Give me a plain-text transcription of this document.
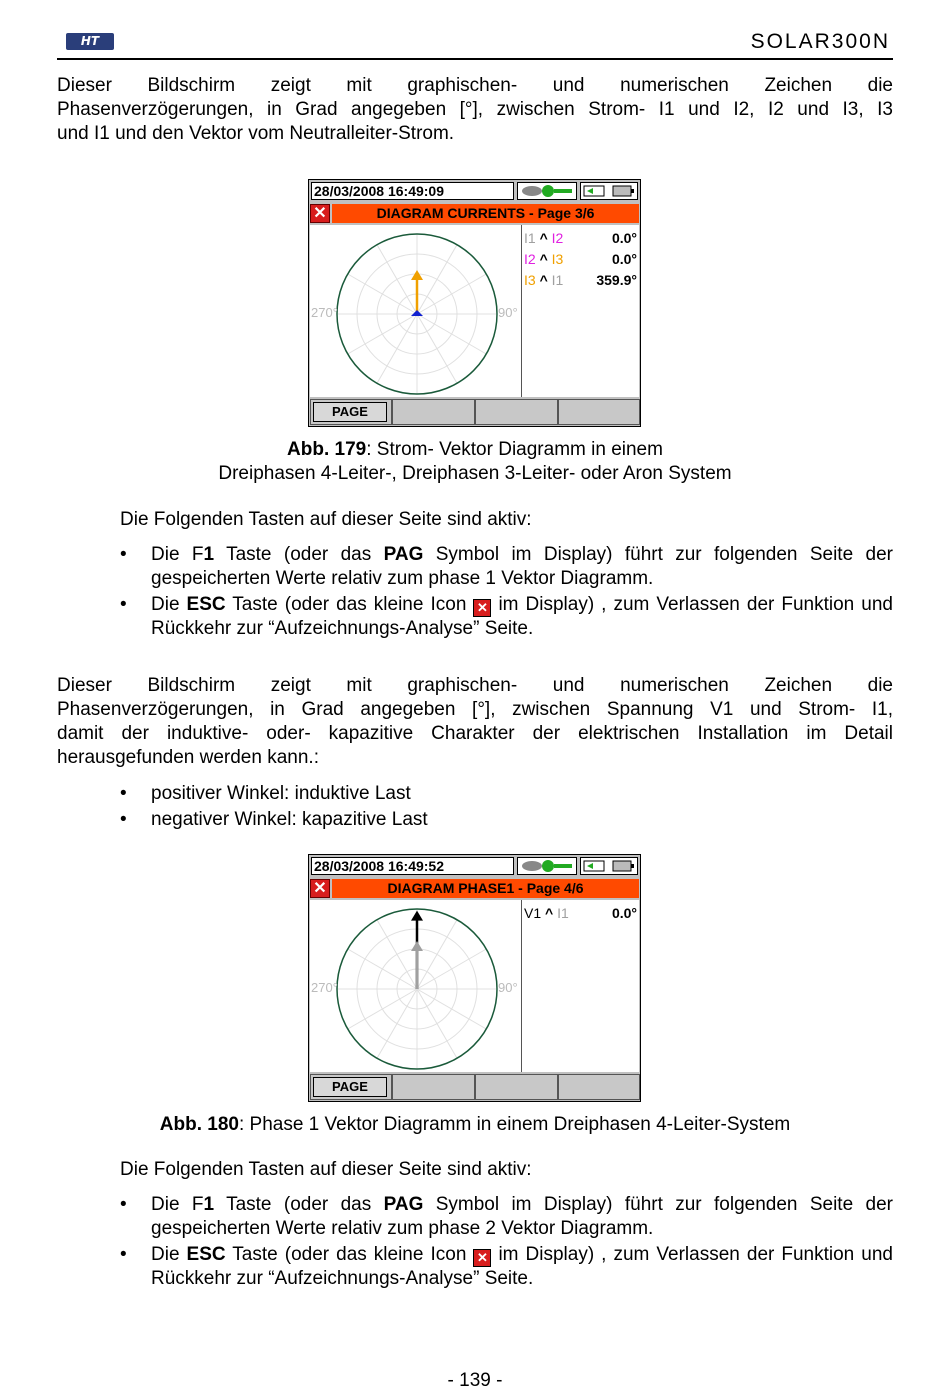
HT	SOLAR300N
Dieser Bildschirm zeigt mit graphischen- und numerischen Zeichen die
Phasenverzögerungen, in Grad angegeben [°], zwischen Strom- I1 und I2, I2 und I3, I3
und I1 und den Vektor vom Neutralleiter-Strom.
28/03/2008 16:49:09
✕	DIAGRAM CURRENTS - Page 3/6
270°	90°
I1 ^ I2	0.0°
I2 ^ I3	0.0°
I3 ^ I1 359.9°
PAGE
Abb. 179: Strom- Vektor Diagramm in einem
Dreiphasen 4-Leiter-, Dreiphasen 3-Leiter- oder Aron System
Die Folgenden Tasten auf dieser Seite sind aktiv:
• Die F1 Taste (oder das PAG Symbol im Display) führt zur folgenden Seite der gespeicherten Werte relativ zum phase 1 Vektor Diagramm.
• Die ESC Taste (oder das kleine Icon ✕ im Display) , zum Verlassen der Funktion und Rückkehr zur “Aufzeichnungs-Analyse” Seite.
Dieser Bildschirm zeigt mit graphischen- und numerischen Zeichen die
Phasenverzögerungen, in Grad angegeben [°], zwischen Spannung V1 und Strom- I1,
damit der induktive- oder- kapazitive Charakter der elektrischen Installation im Detail
herausgefunden werden kann.:
• positiver Winkel: induktive Last
• negativer Winkel: kapazitive Last
28/03/2008 16:49:52
✕	DIAGRAM PHASE1 - Page 4/6
270°	90°
V1 ^ I1	0.0°
PAGE
Abb. 180: Phase 1 Vektor Diagramm in einem Dreiphasen 4-Leiter-System
Die Folgenden Tasten auf dieser Seite sind aktiv:
• Die F1 Taste (oder das PAG Symbol im Display) führt zur folgenden Seite der gespeicherten Werte relativ zum phase 2 Vektor Diagramm.
• Die ESC Taste (oder das kleine Icon ✕ im Display) , zum Verlassen der Funktion und Rückkehr zur “Aufzeichnungs-Analyse” Seite.
- 139 -
